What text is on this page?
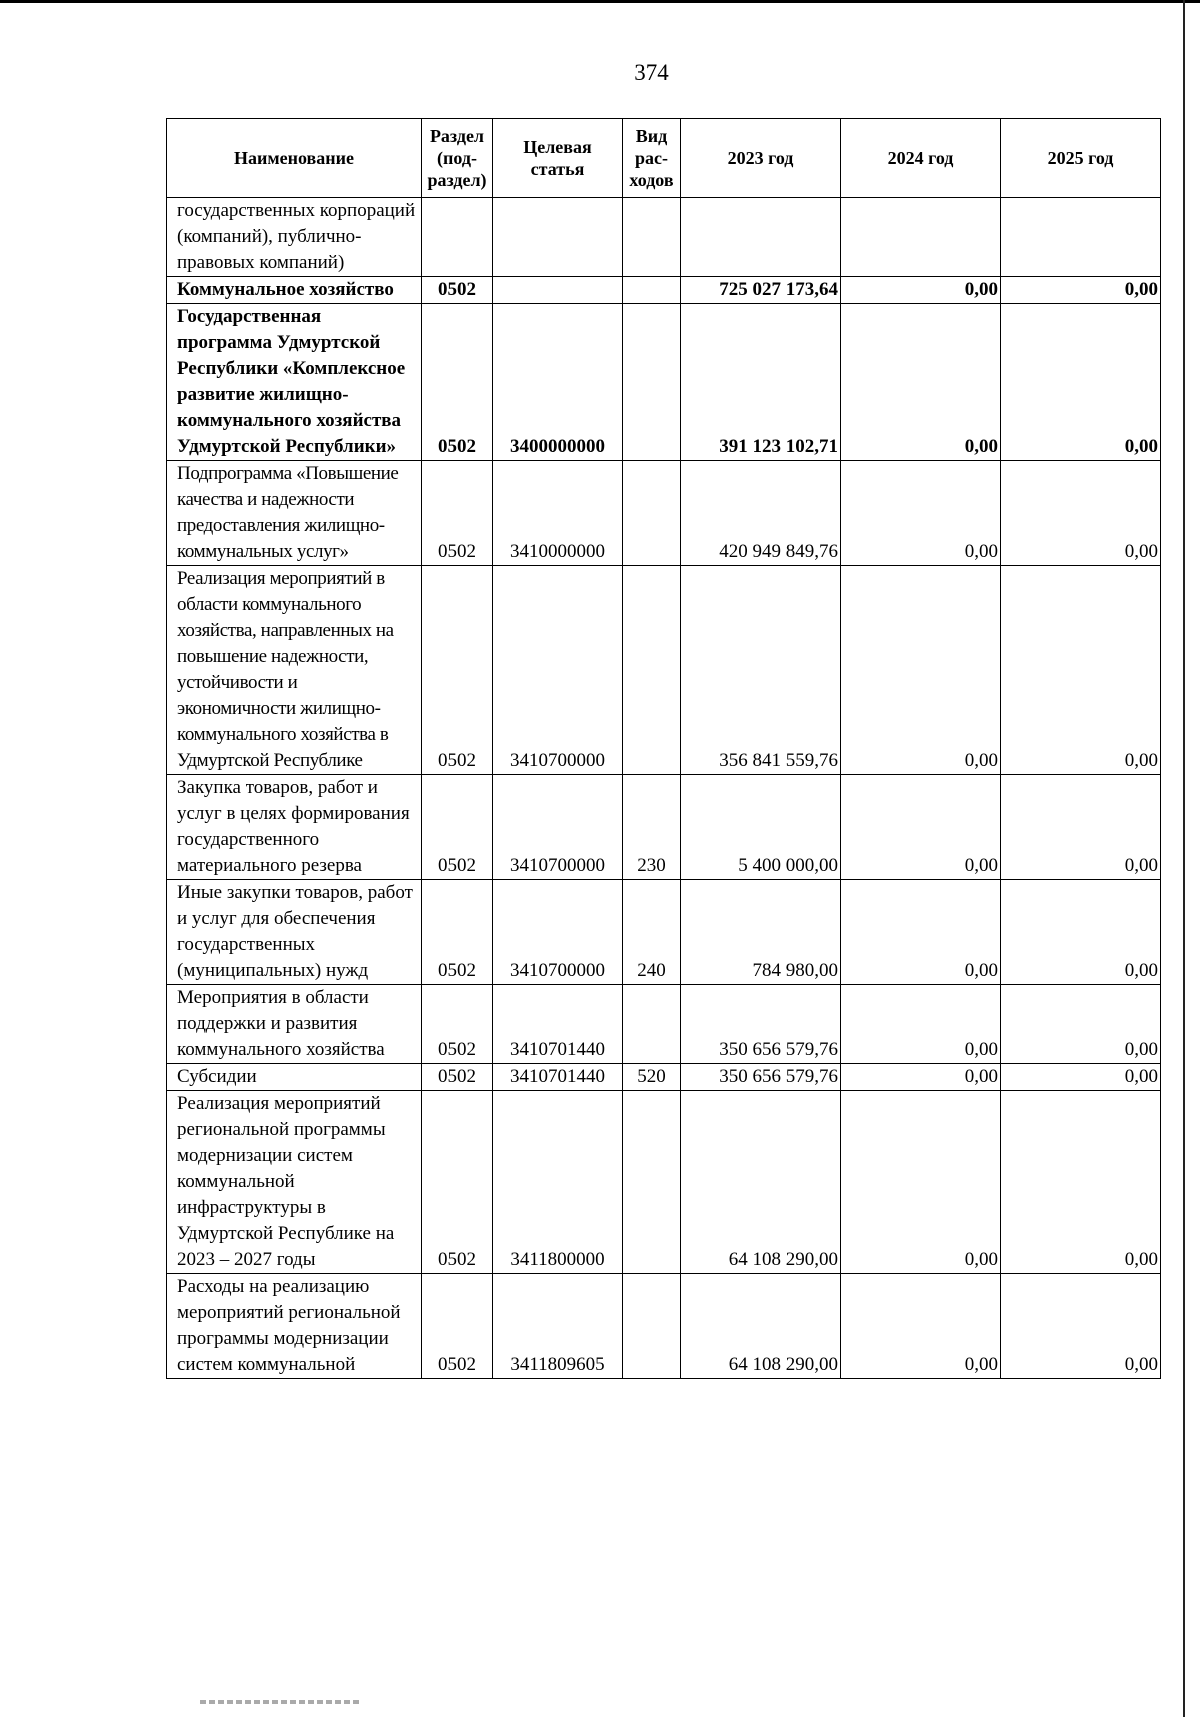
374
Наименование	Раздел (под-раздел)	Целевая статья	Вид рас-ходов	2023 год	2024 год	2025 год
государственных корпораций (компаний), публично-правовых компаний)						
Коммунальное хозяйство	0502			725 027 173,64	0,00	0,00
Государственная программа Удмуртской Республики «Комплексное развитие жилищно-коммунального хозяйства Удмуртской Республики»	0502	3400000000		391 123 102,71	0,00	0,00
Подпрограмма «Повышение качества и надежности предоставления жилищно-коммунальных услуг»	0502	3410000000		420 949 849,76	0,00	0,00
Реализация мероприятий в области коммунального хозяйства, направленных на повышение надежности, устойчивости и экономичности жилищно-коммунального хозяйства в Удмуртской Республике	0502	3410700000		356 841 559,76	0,00	0,00
Закупка товаров, работ и услуг в целях формирования государственного материального резерва	0502	3410700000	230	5 400 000,00	0,00	0,00
Иные закупки товаров, работ и услуг для обеспечения государственных (муниципальных) нужд	0502	3410700000	240	784 980,00	0,00	0,00
Мероприятия в области поддержки и развития коммунального хозяйства	0502	3410701440		350 656 579,76	0,00	0,00
Субсидии	0502	3410701440	520	350 656 579,76	0,00	0,00
Реализация мероприятий региональной программы модернизации систем коммунальной инфраструктуры в Удмуртской Республике на 2023 – 2027 годы	0502	3411800000		64 108 290,00	0,00	0,00
Расходы на реализацию мероприятий региональной программы модернизации систем коммунальной	0502	3411809605		64 108 290,00	0,00	0,00
